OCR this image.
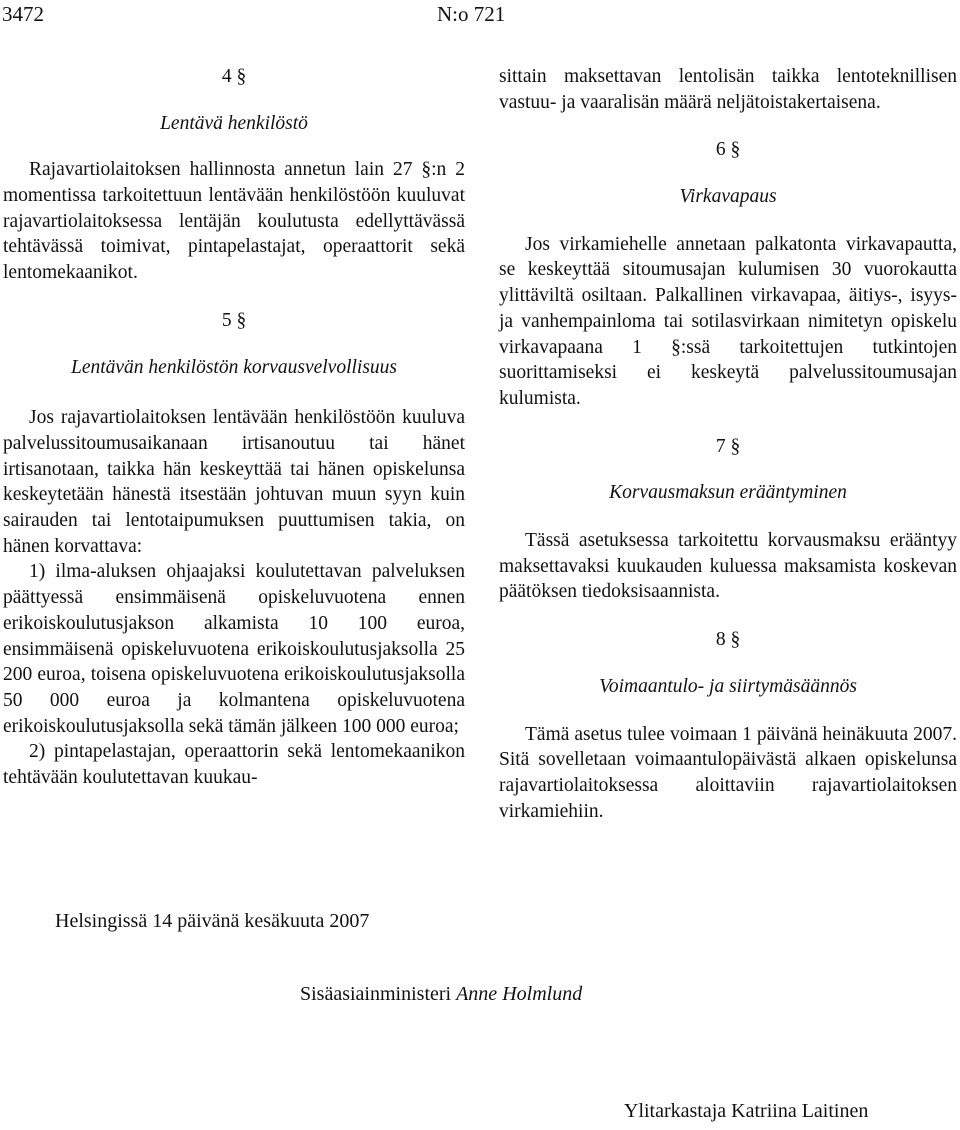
3472	N:o 721

4 §

Lentävä henkilöstö

Rajavartiolaitoksen hallinnosta annetun lain 27 §:n 2 momentissa tarkoitettuun lentävään henkilöstöön kuuluvat rajavartiolaitoksessa lentäjän koulutusta edellyttävässä tehtävässä toimivat, pintapelastajat, operaattorit sekä lentomekaanikot.

5 §

Lentävän henkilöstön korvausvelvollisuus

Jos rajavartiolaitoksen lentävään henkilöstöön kuuluva palvelussitoumusaikanaan irtisanoutuu tai hänet irtisanotaan, taikka hän keskeyttää tai hänen opiskelunsa keskeytetään hänestä itsestään johtuvan muun syyn kuin sairauden tai lentotaipumuksen puuttumisen takia, on hänen korvattava:

1) ilma-aluksen ohjaajaksi koulutettavan palveluksen päättyessä ensimmäisenä opiskeluvuotena ennen erikoiskoulutusjakson alkamista 10 100 euroa, ensimmäisenä opiskeluvuotena erikoiskoulutusjaksolla 25 200 euroa, toisena opiskeluvuotena erikoiskoulutusjaksolla 50 000 euroa ja kolmantena opiskeluvuotena erikoiskoulutusjaksolla sekä tämän jälkeen 100 000 euroa;

2) pintapelastajan, operaattorin sekä lentomekaanikon tehtävään koulutettavan kuukau-

sittain maksettavan lentolisän taikka lentoteknillisen vastuu- ja vaaralisän määrä neljätoistakertaisena.

6 §

Virkavapaus

Jos virkamiehelle annetaan palkatonta virkavapautta, se keskeyttää sitoumusajan kulumisen 30 vuorokautta ylittäviltä osiltaan. Palkallinen virkavapaa, äitiys-, isyys- ja vanhempainloma tai sotilasvirkaan nimitetyn opiskelu virkavapaana 1 §:ssä tarkoitettujen tutkintojen suorittamiseksi ei keskeytä palvelussitoumusajan kulumista.

7 §

Korvausmaksun erääntyminen

Tässä asetuksessa tarkoitettu korvausmaksu erääntyy maksettavaksi kuukauden kuluessa maksamista koskevan päätöksen tiedoksisaannista.

8 §

Voimaantulo- ja siirtymäsäännös

Tämä asetus tulee voimaan 1 päivänä heinäkuuta 2007. Sitä sovelletaan voimaantulopäivästä alkaen opiskelunsa rajavartiolaitoksessa aloittaviin rajavartiolaitoksen virkamiehiin.

Helsingissä 14 päivänä kesäkuuta 2007
Sisäasiainministeri Anne Holmlund
Ylitarkastaja Katriina Laitinen
